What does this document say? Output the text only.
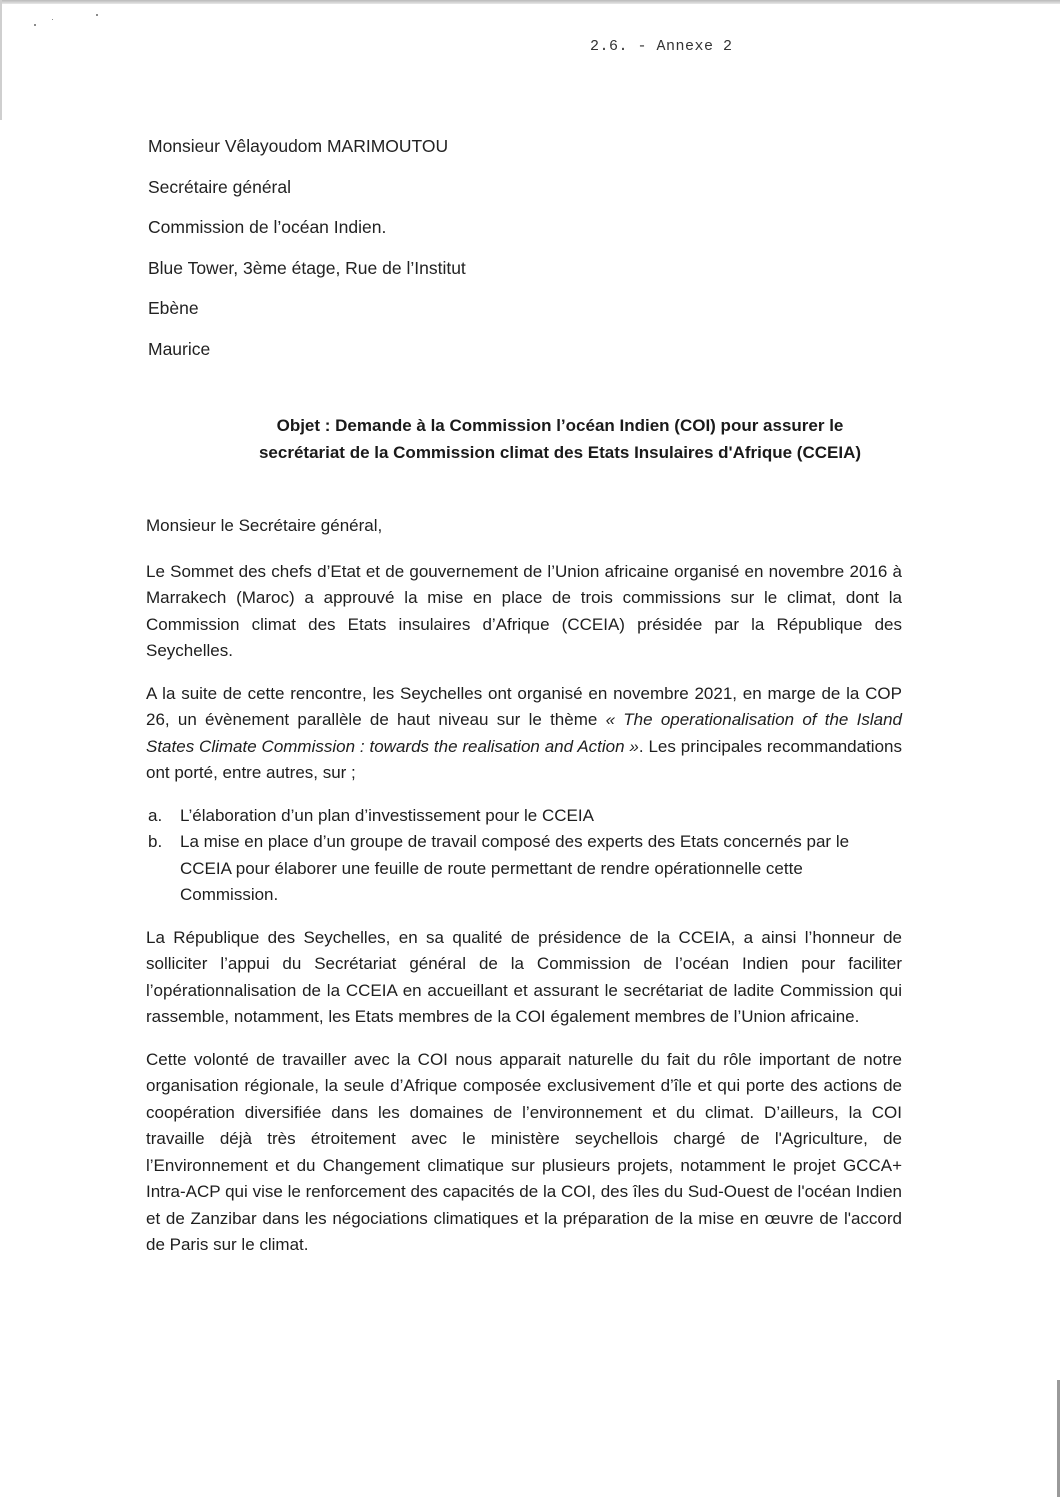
2.6. - Annexe 2
Monsieur Vêlayoudom MARIMOUTOU
Secrétaire général
Commission de l’océan Indien.
Blue Tower, 3ème étage, Rue de l’Institut
Ebène
Maurice
Objet : Demande à la Commission l’océan Indien (COI) pour assurer le
secrétariat de la Commission climat des Etats Insulaires d'Afrique (CCEIA)

Monsieur le Secrétaire général,

Le Sommet des chefs d’Etat et de gouvernement de l’Union africaine organisé en novembre 2016 à Marrakech (Maroc) a approuvé la mise en place de trois commissions sur le climat, dont la Commission climat des Etats insulaires d’Afrique (CCEIA) présidée par la République des Seychelles.

A la suite de cette rencontre, les Seychelles ont organisé en novembre 2021, en marge de la COP 26, un évènement parallèle de haut niveau sur le thème « The operationalisation of the Island States Climate Commission : towards the realisation and Action ». Les principales recommandations ont porté, entre autres, sur ;

a. L’élaboration d’un plan d’investissement pour le CCEIA
b. La mise en place d’un groupe de travail composé des experts des Etats concernés par le CCEIA pour élaborer une feuille de route permettant de rendre opérationnelle cette Commission.

La République des Seychelles, en sa qualité de présidence de la CCEIA, a ainsi l’honneur de solliciter l’appui du Secrétariat général de la Commission de l’océan Indien pour faciliter l’opérationnalisation de la CCEIA en accueillant et assurant le secrétariat de ladite Commission qui rassemble, notamment, les Etats membres de la COI également membres de l’Union africaine.

Cette volonté de travailler avec la COI nous apparait naturelle du fait du rôle important de notre organisation régionale, la seule d’Afrique composée exclusivement d’île et qui porte des actions de coopération diversifiée dans les domaines de l’environnement et du climat. D’ailleurs, la COI travaille déjà très étroitement avec le ministère seychellois chargé de l'Agriculture, de l’Environnement et du Changement climatique sur plusieurs projets, notamment le projet GCCA+ Intra-ACP qui vise le renforcement des capacités de la COI, des îles du Sud-Ouest de l'océan Indien et de Zanzibar dans les négociations climatiques et la préparation de la mise en œuvre de l'accord de Paris sur le climat.
